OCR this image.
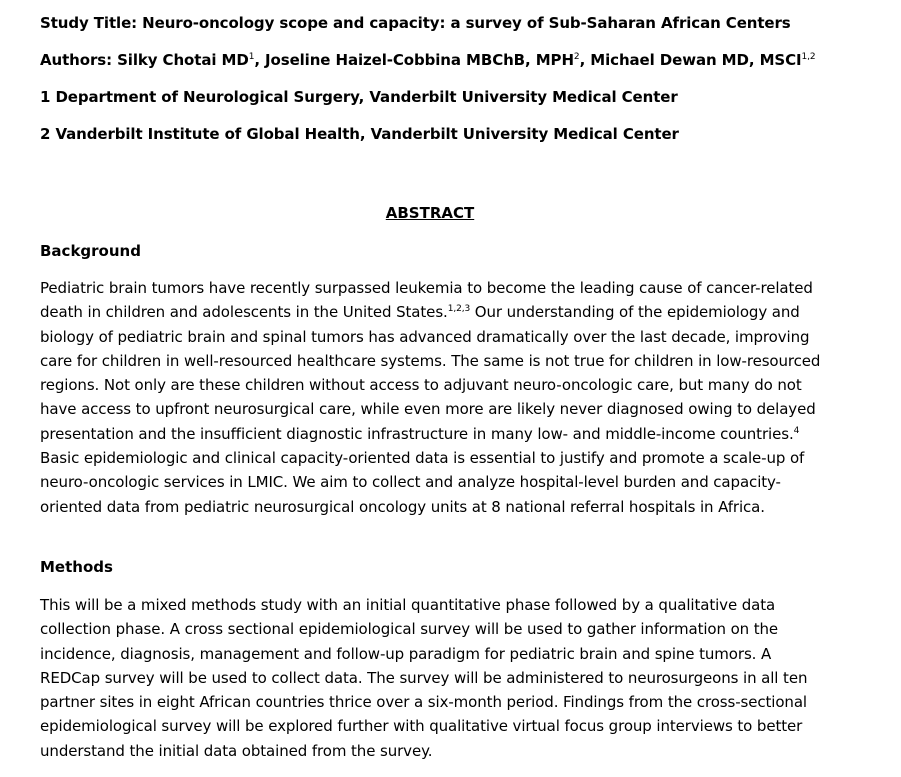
Study Title: Neuro-oncology scope and capacity: a survey of Sub-Saharan African Centers
Authors: Silky Chotai $MD^1$, Joseline Haizel-Cobbina MBChB, MPH$^2$, Michael Dewan MD, MSCI$^{1,2}$
1 Department of Neurological Surgery, Vanderbilt University Medical Center
2 Vanderbilt Institute of Global Health, Vanderbilt University Medical Center
ABSTRACT
Background
Pediatric brain tumors have recently surpassed leukemia to become the leading cause of cancer-related death in children and adolescents in the United States.$^{1,2,3}$ Our understanding of the epidemiology and biology of pediatric brain and spinal tumors has advanced dramatically over the last decade, improving care for children in well-resourced healthcare systems. The same is not true for children in low-resourced regions. Not only are these children without access to adjuvant neuro-oncologic care, but many do not have access to upfront neurosurgical care, while even more are likely never diagnosed owing to delayed presentation and the insufficient diagnostic infrastructure in many low- and middle-income countries.$^4$ Basic epidemiologic and clinical capacity-oriented data is essential to justify and promote a scale-up of neuro-oncologic services in LMIC. We aim to collect and analyze hospital-level burden and capacity-oriented data from pediatric neurosurgical oncology units at 8 national referral hospitals in Africa.
Methods
This will be a mixed methods study with an initial quantitative phase followed by a qualitative data collection phase. A cross sectional epidemiological survey will be used to gather information on the incidence, diagnosis, management and follow-up paradigm for pediatric brain and spine tumors. A REDCap survey will be used to collect data. The survey will be administered to neurosurgeons in all ten partner sites in eight African countries thrice over a six-month period. Findings from the cross-sectional epidemiological survey will be explored further with qualitative virtual focus group interviews to better understand the initial data obtained from the survey.
